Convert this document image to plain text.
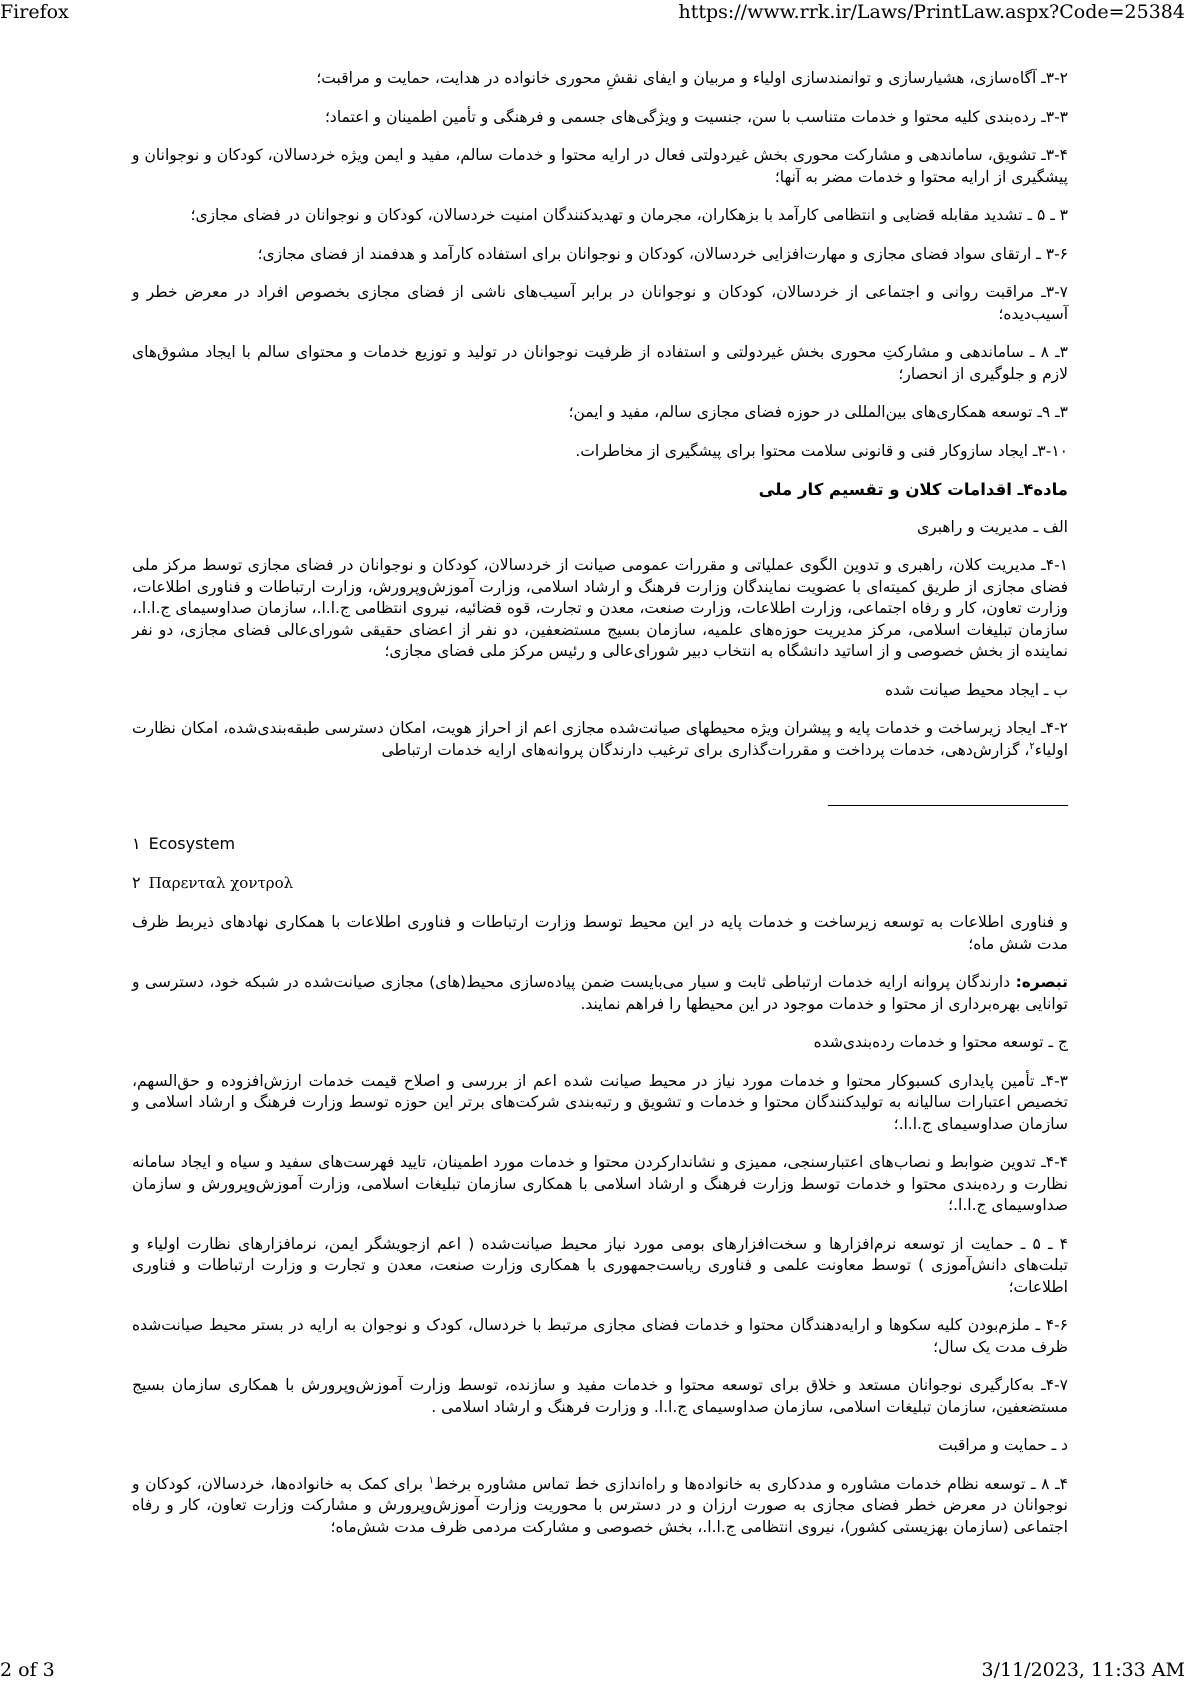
Firefox	https://www.rrk.ir/Laws/PrintLaw.aspx?Code=25384

۳-۲ـ آگاه‌سازی، هشیارسازی و توانمندسازی اولیاء و مربیان و ایفای نقشِ محوری خانواده در هدایت، حمایت و مراقبت؛

۳-۳ـ رده‌بندی کلیه محتوا و خدمات متناسب با سن، جنسیت و ویژگی‌های جسمی و فرهنگی و تأمین اطمینان و اعتماد؛

۳-۴ـ تشویق، ساماندهی و مشارکت محوری بخش غیردولتی فعال در ارایه محتوا و خدمات سالم، مفید و ایمن ویژه خردسالان، کودکان و نوجوانان و پیشگیری از ارایه محتوا و خدمات مضر به آنها؛

۳ ـ ۵ ـ تشدید مقابله قضایی و انتظامی کارآمد با بزهکاران، مجرمان و تهدیدکنندگان امنیت خردسالان، کودکان و نوجوانان در فضای مجازی؛

۳-۶ ـ ارتقای سواد فضای مجازی و مهارت‌افزایی خردسالان، کودکان و نوجوانان برای استفاده کارآمد و هدفمند از فضای مجازی؛

۳-۷ـ مراقبت روانی و اجتماعی از خردسالان، کودکان و نوجوانان در برابر آسیب‌های ناشی از فضای مجازی بخصوص افراد در معرض خطر و آسیب‌دیده؛

۳ـ ۸ ـ ساماندهی و مشارکتِ محوری بخش غیردولتی و استفاده از ظرفیت نوجوانان در تولید و توزیع خدمات و محتوای سالم با ایجاد مشوق‌های لازم و جلوگیری از انحصار؛

۳ـ ۹ـ توسعه همکاری‌های بین‌المللی در حوزه فضای مجازی سالم، مفید و ایمن؛

۳-۱۰ـ ایجاد سازوکار فنی و قانونی سلامت محتوا برای پیشگیری از مخاطرات.

ماده۴ـ اقدامات کلان و تقسیم کار ملی

الف ـ مدیریت و راهبری

۴-۱ـ مدیریت کلان، راهبری و تدوین الگوی عملیاتی و مقررات عمومی صیانت از خردسالان، کودکان و نوجوانان در فضای مجازی توسط مرکز ملی فضای مجازی از طریق کمیته‌ای با عضویت نمایندگان وزارت فرهنگ و ارشاد اسلامی، وزارت آموزش‌وپرورش، وزارت ارتباطات و فناوری اطلاعات، وزارت تعاون، کار و رفاه اجتماعی، وزارت اطلاعات، وزارت صنعت، معدن و تجارت، قوه قضائیه، نیروی انتظامی ج.ا.ا.، سازمان صداوسیمای ج.ا.ا.، سازمان تبلیغات اسلامی، مرکز مدیریت حوزه‌های علمیه، سازمان بسیج مستضعفین، دو نفر از اعضای حقیقی شورای‌عالی فضای مجازی، دو نفر نماینده از بخش خصوصی و از اساتید دانشگاه به انتخاب دبیر شورای‌عالی و رئیس مرکز ملی فضای مجازی؛

ب ـ ایجاد محیط صیانت شده

۴-۲ـ ایجاد زیرساخت و خدمات پایه و پیشران ویژه محیطهای صیانت‌شده مجازی اعم از احراز هویت، امکان دسترسی طبقه‌بندی‌شده، امکان نظارت اولیاء$^۲$، گزارش‌دهی، خدمات پرداخت و مقررات‌گذاری برای ترغیب دارندگان پروانه‌های ارایه خدمات ارتباطی

۱ Ecosystem

۲ Παρενταλ χοντρολ

و فناوری اطلاعات به توسعه زیرساخت و خدمات پایه در این محیط توسط وزارت ارتباطات و فناوری اطلاعات با همکاری نهادهای ذیربط ظرف مدت شش ماه؛

تبصره: دارندگان پروانه ارایه خدمات ارتباطی ثابت و سیار می‌بایست ضمن پیاده‌سازی محیط(های) مجازی صیانت‌شده در شبکه خود، دسترسی و توانایی بهره‌برداری از محتوا و خدمات موجود در این محیطها را فراهم نمایند.

ج ـ توسعه محتوا و خدمات رده‌بندی‌شده

۴-۳ـ تأمین پایداری کسبوکار محتوا و خدمات مورد نیاز در محیط صیانت شده اعم از بررسی و اصلاح قیمت خدمات ارزش‌افزوده و حق‌السهم، تخصیص اعتبارات سالیانه به تولیدکنندگان محتوا و خدمات و تشویق و رتبه‌بندی شرکت‌های برتر این حوزه توسط وزارت فرهنگ و ارشاد اسلامی و سازمان صداوسیمای ج.ا.ا.؛

۴-۴ـ تدوین ضوابط و نصاب‌های اعتبارسنجی، ممیزی و نشاندارکردن محتوا و خدمات مورد اطمینان، تایید فهرست‌های سفید و سیاه و ایجاد سامانه نظارت و رده‌بندی محتوا و خدمات توسط وزارت فرهنگ و ارشاد اسلامی با همکاری سازمان تبلیغات اسلامی، وزارت آموزش‌وپرورش و سازمان صداوسیمای ج.ا.ا.؛

۴ ـ ۵ ـ حمایت از توسعه نرم‌افزارها و سخت‌افزارهای بومی مورد نیاز محیط صیانت‌شده ( اعم ازجویشگر ایمن، نرمافزارهای نظارت اولیاء و تبلت‌های دانش‌آموزی ) توسط معاونت علمی و فناوری ریاست‌جمهوری با همکاری وزارت صنعت، معدن و تجارت و وزارت ارتباطات و فناوری اطلاعات؛

۴-۶ ـ ملزم‌بودن کلیه سکوها و ارایه‌دهندگان محتوا و خدمات فضای مجازی مرتبط با خردسال، کودک و نوجوان به ارایه در بستر محیط صیانت‌شده ظرف مدت یک سال؛

۴-۷ـ به‌کارگیری نوجوانان مستعد و خلاق برای توسعه محتوا و خدمات مفید و سازنده، توسط وزارت آموزش‌وپرورش با همکاری سازمان بسیج مستضعفین، سازمان تبلیغات اسلامی، سازمان صداوسیمای ج.ا.ا. و وزارت فرهنگ و ارشاد اسلامی .

د ـ حمایت و مراقبت

۴ـ ۸ ـ توسعه نظام خدمات مشاوره و مددکاری به خانواده‌ها و راه‌اندازی خط تماس مشاوره برخط$^۱$ برای کمک به خانواده‌ها، خردسالان، کودکان و نوجوانان در معرض خطر فضای مجازی به صورت ارزان و در دسترس با محوریت وزارت آموزش‌وپرورش و مشارکت وزارت تعاون، کار و رفاه اجتماعی (سازمان بهزیستی کشور)، نیروی انتظامی ج.ا.ا.، بخش خصوصی و مشارکت مردمی ظرف مدت شش‌ماه؛

2 of 3	3/11/2023, 11:33 AM
